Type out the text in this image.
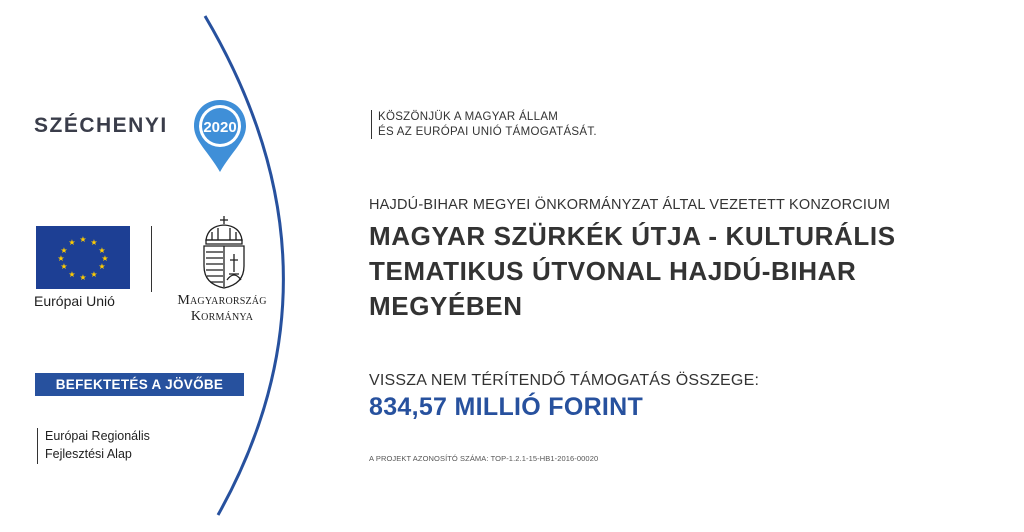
SZÉCHENYI 2020
★ ★
★
★
★
★
★
★
★
★
★
★
Európai Unió	Magyarország
Kormánya
BEFEKTETÉS A JÖVŐBE
Európai Regionális
Fejlesztési Alap
KÖSZÖNJÜK A MAGYAR ÁLLAM
ÉS AZ EURÓPAI UNIÓ TÁMOGATÁSÁT.
HAJDÚ-BIHAR MEGYEI ÖNKORMÁNYZAT ÁLTAL VEZETETT KONZORCIUM
MAGYAR SZÜRKÉK ÚTJA - KULTURÁLIS
TEMATIKUS ÚTVONAL HAJDÚ-BIHAR
MEGYÉBEN
VISSZA NEM TÉRÍTENDŐ TÁMOGATÁS ÖSSZEGE:
834,57 MILLIÓ FORINT
A PROJEKT AZONOSÍTÓ SZÁMA: TOP-1.2.1-15-HB1-2016-00020
